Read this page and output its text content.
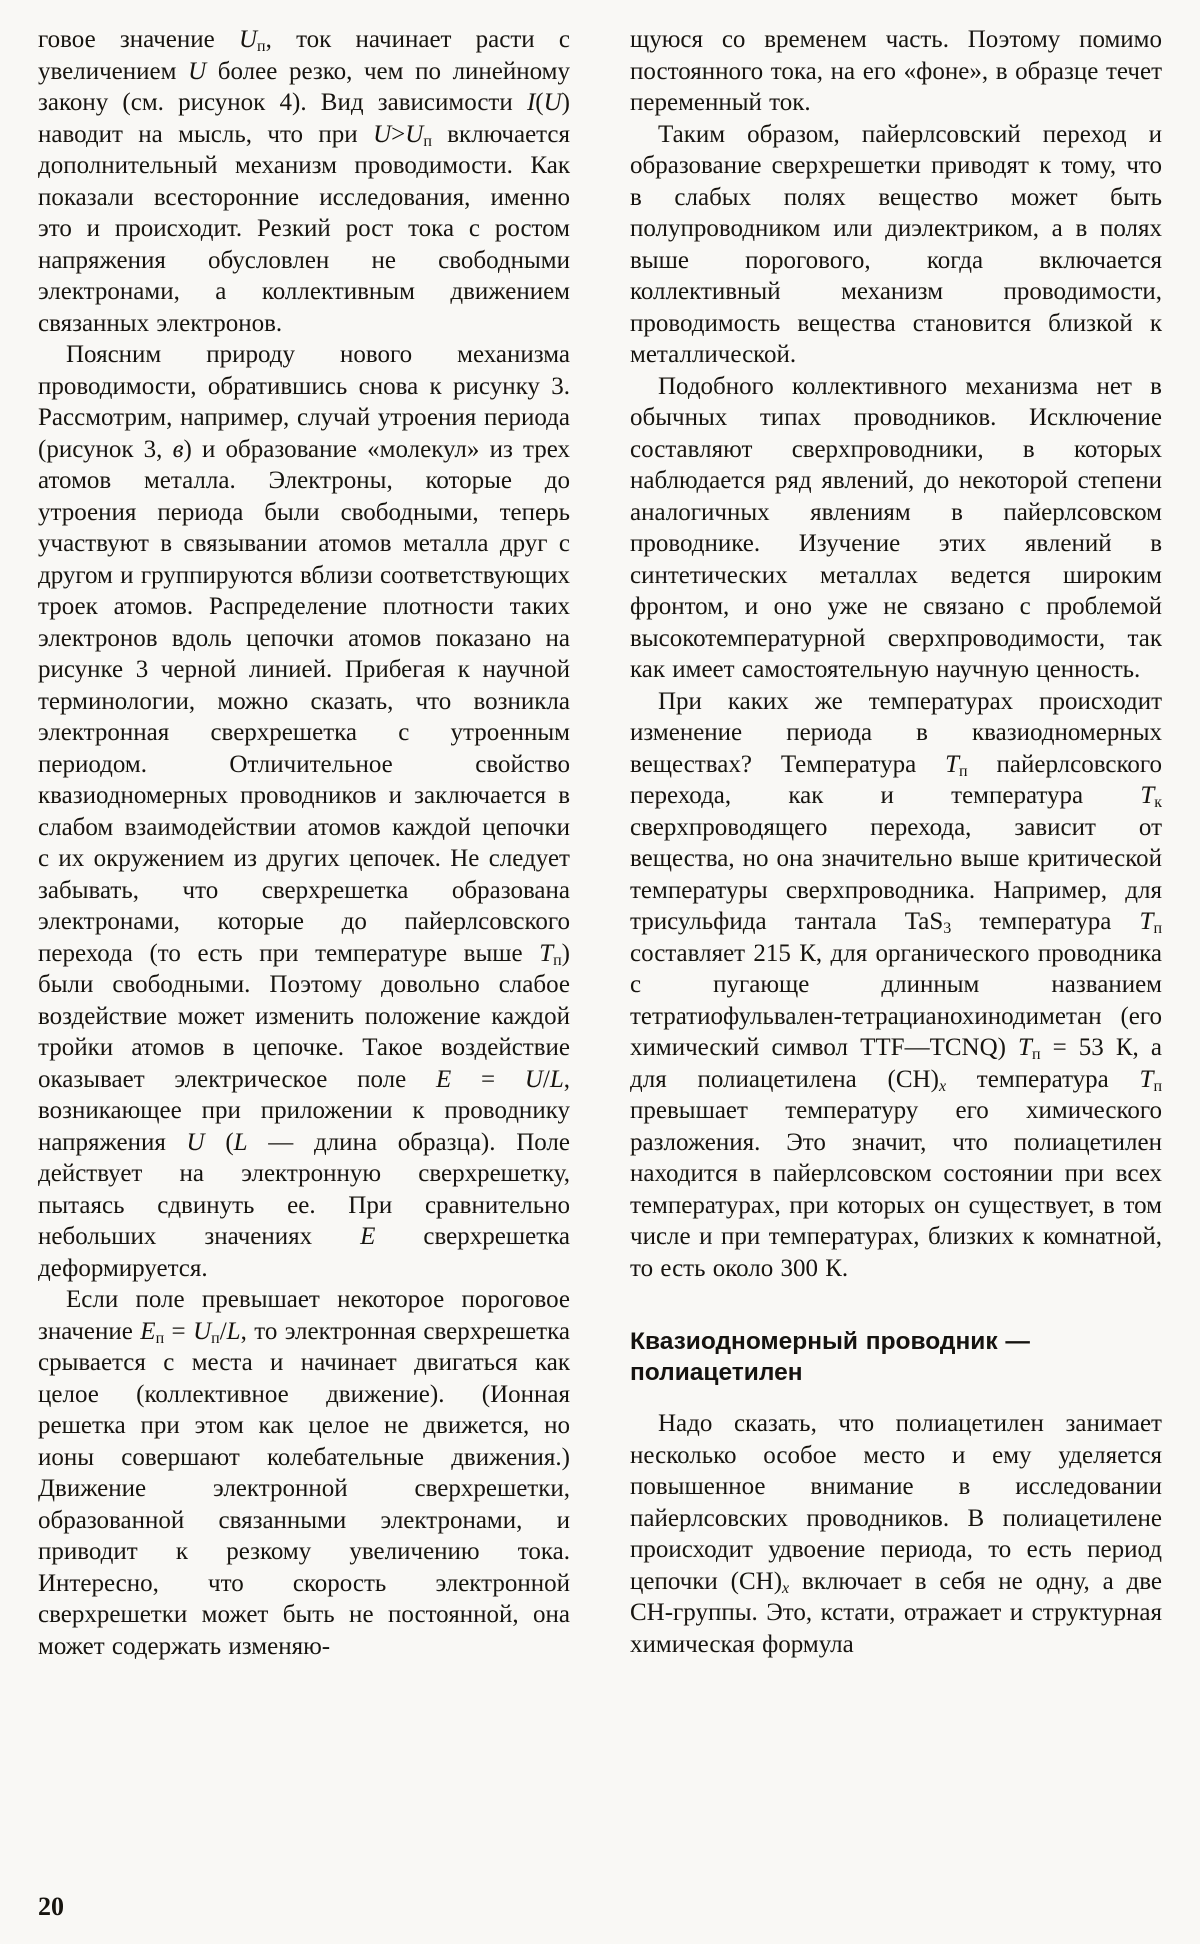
говое значение $U_п$, ток начинает расти с увеличением U более резко, чем по линейному закону (см. рисунок 4). Вид зависимости I(U) наводит на мысль, что при $U>U_п$ включается дополнительный механизм проводимости. Как показали всесторонние исследования, именно это и происходит. Резкий рост тока с ростом напряжения обусловлен не свободными электронами, а коллективным движением связанных электронов.

Поясним природу нового механизма проводимости, обратившись снова к рисунку 3. Рассмотрим, например, случай утроения периода (рисунок 3, в) и образование «молекул» из трех атомов металла. Электроны, которые до утроения периода были свободными, теперь участвуют в связывании атомов металла друг с другом и группируются вблизи соответствующих троек атомов. Распределение плотности таких электронов вдоль цепочки атомов показано на рисунке 3 черной линией. Прибегая к научной терминологии, можно сказать, что возникла электронная сверхрешетка с утроенным периодом. Отличительное свойство квазиодномерных проводников и заключается в слабом взаимодействии атомов каждой цепочки с их окружением из других цепочек. Не следует забывать, что сверхрешетка образована электронами, которые до пайерлсовского перехода (то есть при температуре выше $T_п$) были свободными. Поэтому довольно слабое воздействие может изменить положение каждой тройки атомов в цепочке. Такое воздействие оказывает электрическое поле E = U/L, возникающее при приложении к проводнику напряжения U (L — длина образца). Поле действует на электронную сверхрешетку, пытаясь сдвинуть ее. При сравнительно небольших значениях E сверхрешетка деформируется.

Если поле превышает некоторое пороговое значение $E_п = U_п/L$, то электронная сверхрешетка срывается с места и начинает двигаться как целое (коллективное движение). (Ионная решетка при этом как целое не движется, но ионы совершают колебательные движения.) Движение электронной сверхрешетки, образованной связанными электронами, и приводит к резкому увеличению тока. Интересно, что скорость электронной сверхрешетки может быть не постоянной, она может содержать изменяю-

щуюся со временем часть. Поэтому помимо постоянного тока, на его «фоне», в образце течет переменный ток.

Таким образом, пайерлсовский переход и образование сверхрешетки приводят к тому, что в слабых полях вещество может быть полупроводником или диэлектриком, а в полях выше порогового, когда включается коллективный механизм проводимости, проводимость вещества становится близкой к металлической.

Подобного коллективного механизма нет в обычных типах проводников. Исключение составляют сверхпроводники, в которых наблюдается ряд явлений, до некоторой степени аналогичных явлениям в пайерлсовском проводнике. Изучение этих явлений в синтетических металлах ведется широким фронтом, и оно уже не связано с проблемой высокотемпературной сверхпроводимости, так как имеет самостоятельную научную ценность.

При каких же температурах происходит изменение периода в квазиодномерных веществах? Температура $T_п$ пайерлсовского перехода, как и температура $T_к$ сверхпроводящего перехода, зависит от вещества, но она значительно выше критической температуры сверхпроводника. Например, для трисульфида тантала TaS$_3$ температура $T_п$ составляет 215 К, для органического проводника с пугающе длинным названием тетратиофульвален-тетрацианохинодиметан (его химический символ TTF—TCNQ) $T_п = 53$ К, а для полиацетилена $(CH)_x$ температура $T_п$ превышает температуру его химического разложения. Это значит, что полиацетилен находится в пайерлсовском состоянии при всех температурах, при которых он существует, в том числе и при температурах, близких к комнатной, то есть около 300 К.

Квазиодномерный проводник — полиацетилен

Надо сказать, что полиацетилен занимает несколько особое место и ему уделяется повышенное внимание в исследовании пайерлсовских проводников. В полиацетилене происходит удвоение периода, то есть период цепочки $(CH)_x$ включает в себя не одну, а две CH-группы. Это, кстати, отражает и структурная химическая формула

20
